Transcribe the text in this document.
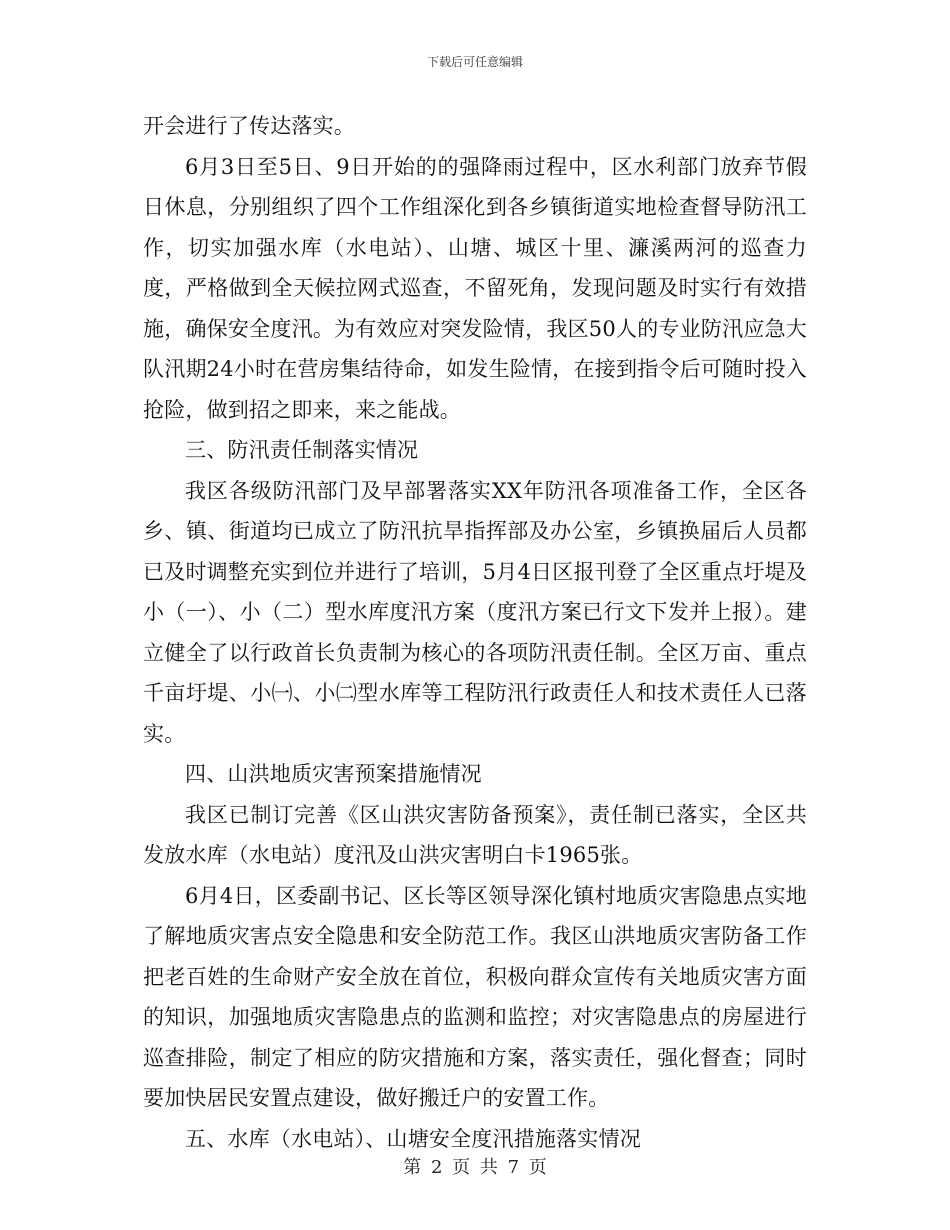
下载后可任意编辑

开会进行了传达落实。

6月3日至5日、9日开始的的强降雨过程中，区水利部门放弃节假日休息，分别组织了四个工作组深化到各乡镇街道实地检查督导防汛工作，切实加强水库（水电站）、山塘、城区十里、濂溪两河的巡查力度，严格做到全天候拉网式巡查，不留死角，发现问题及时实行有效措施，确保安全度汛。为有效应对突发险情，我区50人的专业防汛应急大队汛期24小时在营房集结待命，如发生险情，在接到指令后可随时投入抢险，做到招之即来，来之能战。

三、防汛责任制落实情况

我区各级防汛部门及早部署落实XX年防汛各项准备工作，全区各乡、镇、街道均已成立了防汛抗旱指挥部及办公室，乡镇换届后人员都已及时调整充实到位并进行了培训，5月4日区报刊登了全区重点圩堤及小（一）、小（二）型水库度汛方案（度汛方案已行文下发并上报）。建立健全了以行政首长负责制为核心的各项防汛责任制。全区万亩、重点千亩圩堤、小㈠、小㈡型水库等工程防汛行政责任人和技术责任人已落实。

四、山洪地质灾害预案措施情况

我区已制订完善《区山洪灾害防备预案》，责任制已落实，全区共发放水库（水电站）度汛及山洪灾害明白卡1965张。

6月4日，区委副书记、区长等区领导深化镇村地质灾害隐患点实地了解地质灾害点安全隐患和安全防范工作。我区山洪地质灾害防备工作把老百姓的生命财产安全放在首位，积极向群众宣传有关地质灾害方面的知识，加强地质灾害隐患点的监测和监控；对灾害隐患点的房屋进行巡查排险，制定了相应的防灾措施和方案，落实责任，强化督查；同时要加快居民安置点建设，做好搬迁户的安置工作。

五、水库（水电站）、山塘安全度汛措施落实情况

第 2 页 共 7 页
